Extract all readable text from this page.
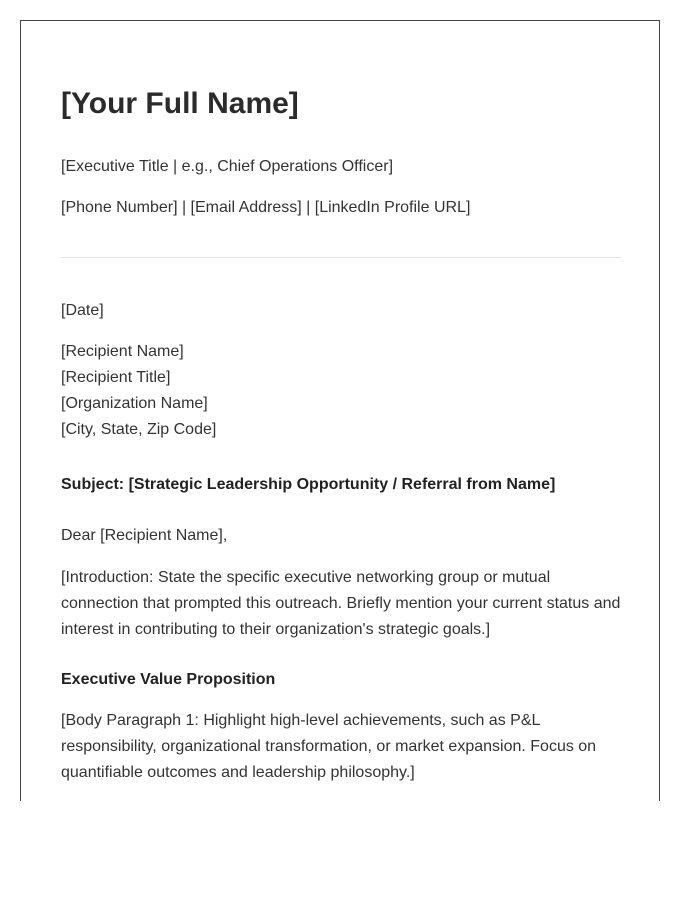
[Your Full Name]

[Executive Title | e.g., Chief Operations Officer]

[Phone Number] | [Email Address] | [LinkedIn Profile URL]

[Date]

[Recipient Name]
[Recipient Title]
[Organization Name]
[City, State, Zip Code]

Subject: [Strategic Leadership Opportunity / Referral from Name]

Dear [Recipient Name],

[Introduction: State the specific executive networking group or mutual connection that prompted this outreach. Briefly mention your current status and interest in contributing to their organization's strategic goals.]

Executive Value Proposition

[Body Paragraph 1: Highlight high-level achievements, such as P&L responsibility, organizational transformation, or market expansion. Focus on quantifiable outcomes and leadership philosophy.]
